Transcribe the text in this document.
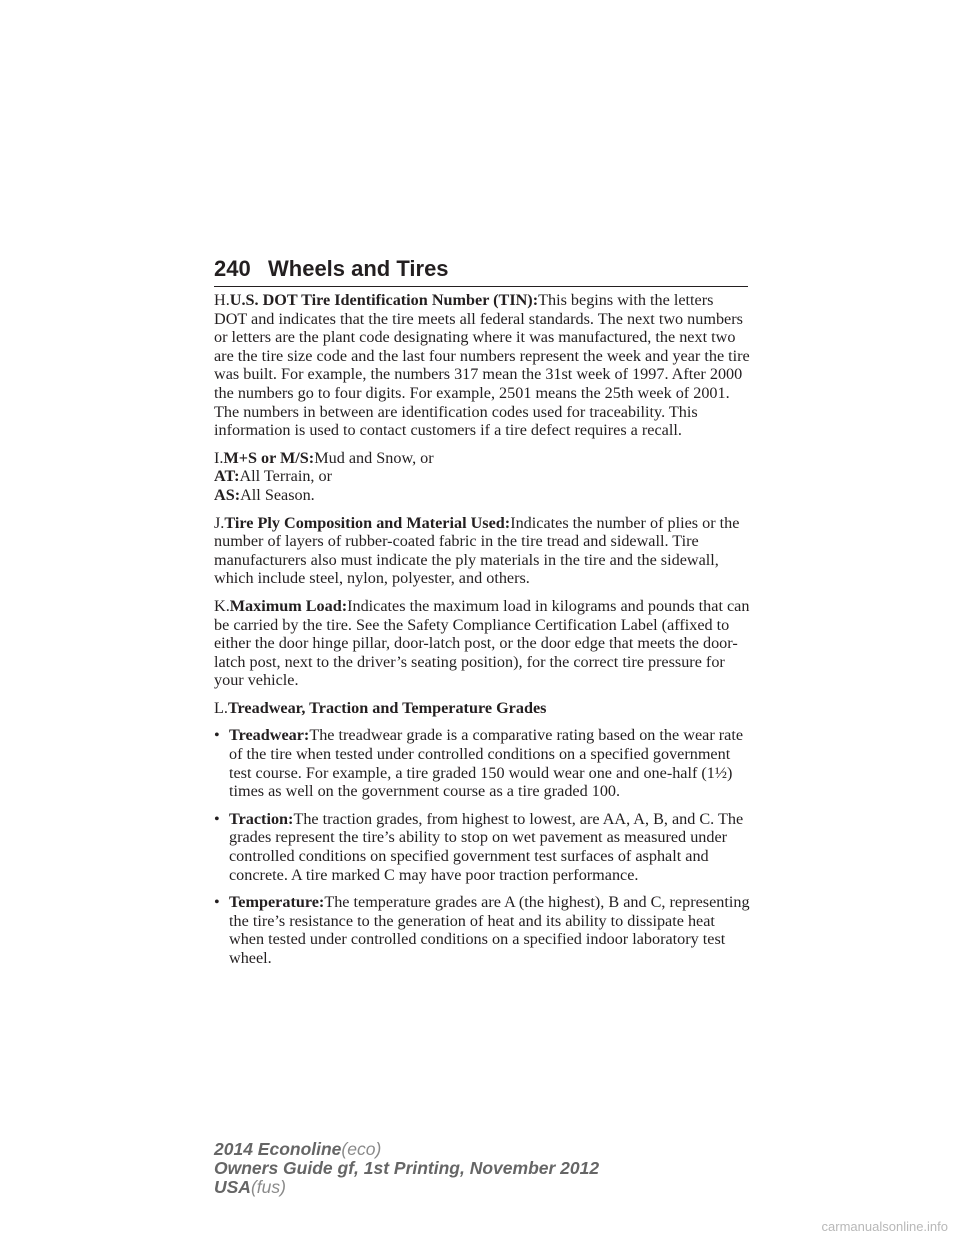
240 Wheels and Tires

H.U.S. DOT Tire Identification Number (TIN):This begins with the letters DOT and indicates that the tire meets all federal standards. The next two numbers or letters are the plant code designating where it was manufactured, the next two are the tire size code and the last four numbers represent the week and year the tire was built. For example, the numbers 317 mean the 31st week of 1997. After 2000 the numbers go to four digits. For example, 2501 means the 25th week of 2001. The numbers in between are identification codes used for traceability. This information is used to contact customers if a tire defect requires a recall.

I.M+S or M/S:Mud and Snow, or

AT:All Terrain, or

AS:All Season.

J.Tire Ply Composition and Material Used:Indicates the number of plies or the number of layers of rubber-coated fabric in the tire tread and sidewall. Tire manufacturers also must indicate the ply materials in the tire and the sidewall, which include steel, nylon, polyester, and others.

K.Maximum Load:Indicates the maximum load in kilograms and pounds that can be carried by the tire. See the Safety Compliance Certification Label (affixed to either the door hinge pillar, door-latch post, or the door edge that meets the door-latch post, next to the driver’s seating position), for the correct tire pressure for your vehicle.

L.Treadwear, Traction and Temperature Grades

• Treadwear:The treadwear grade is a comparative rating based on the wear rate of the tire when tested under controlled conditions on a specified government test course. For example, a tire graded 150 would wear one and one-half (1½) times as well on the government course as a tire graded 100.
• Traction:The traction grades, from highest to lowest, are AA, A, B, and C. The grades represent the tire’s ability to stop on wet pavement as measured under controlled conditions on specified government test surfaces of asphalt and concrete. A tire marked C may have poor traction performance.
• Temperature:The temperature grades are A (the highest), B and C, representing the tire’s resistance to the generation of heat and its ability to dissipate heat when tested under controlled conditions on a specified indoor laboratory test wheel.
2014 Econoline(eco)
Owners Guide gf, 1st Printing, November 2012
USA(fus)
carmanualsonline.info
